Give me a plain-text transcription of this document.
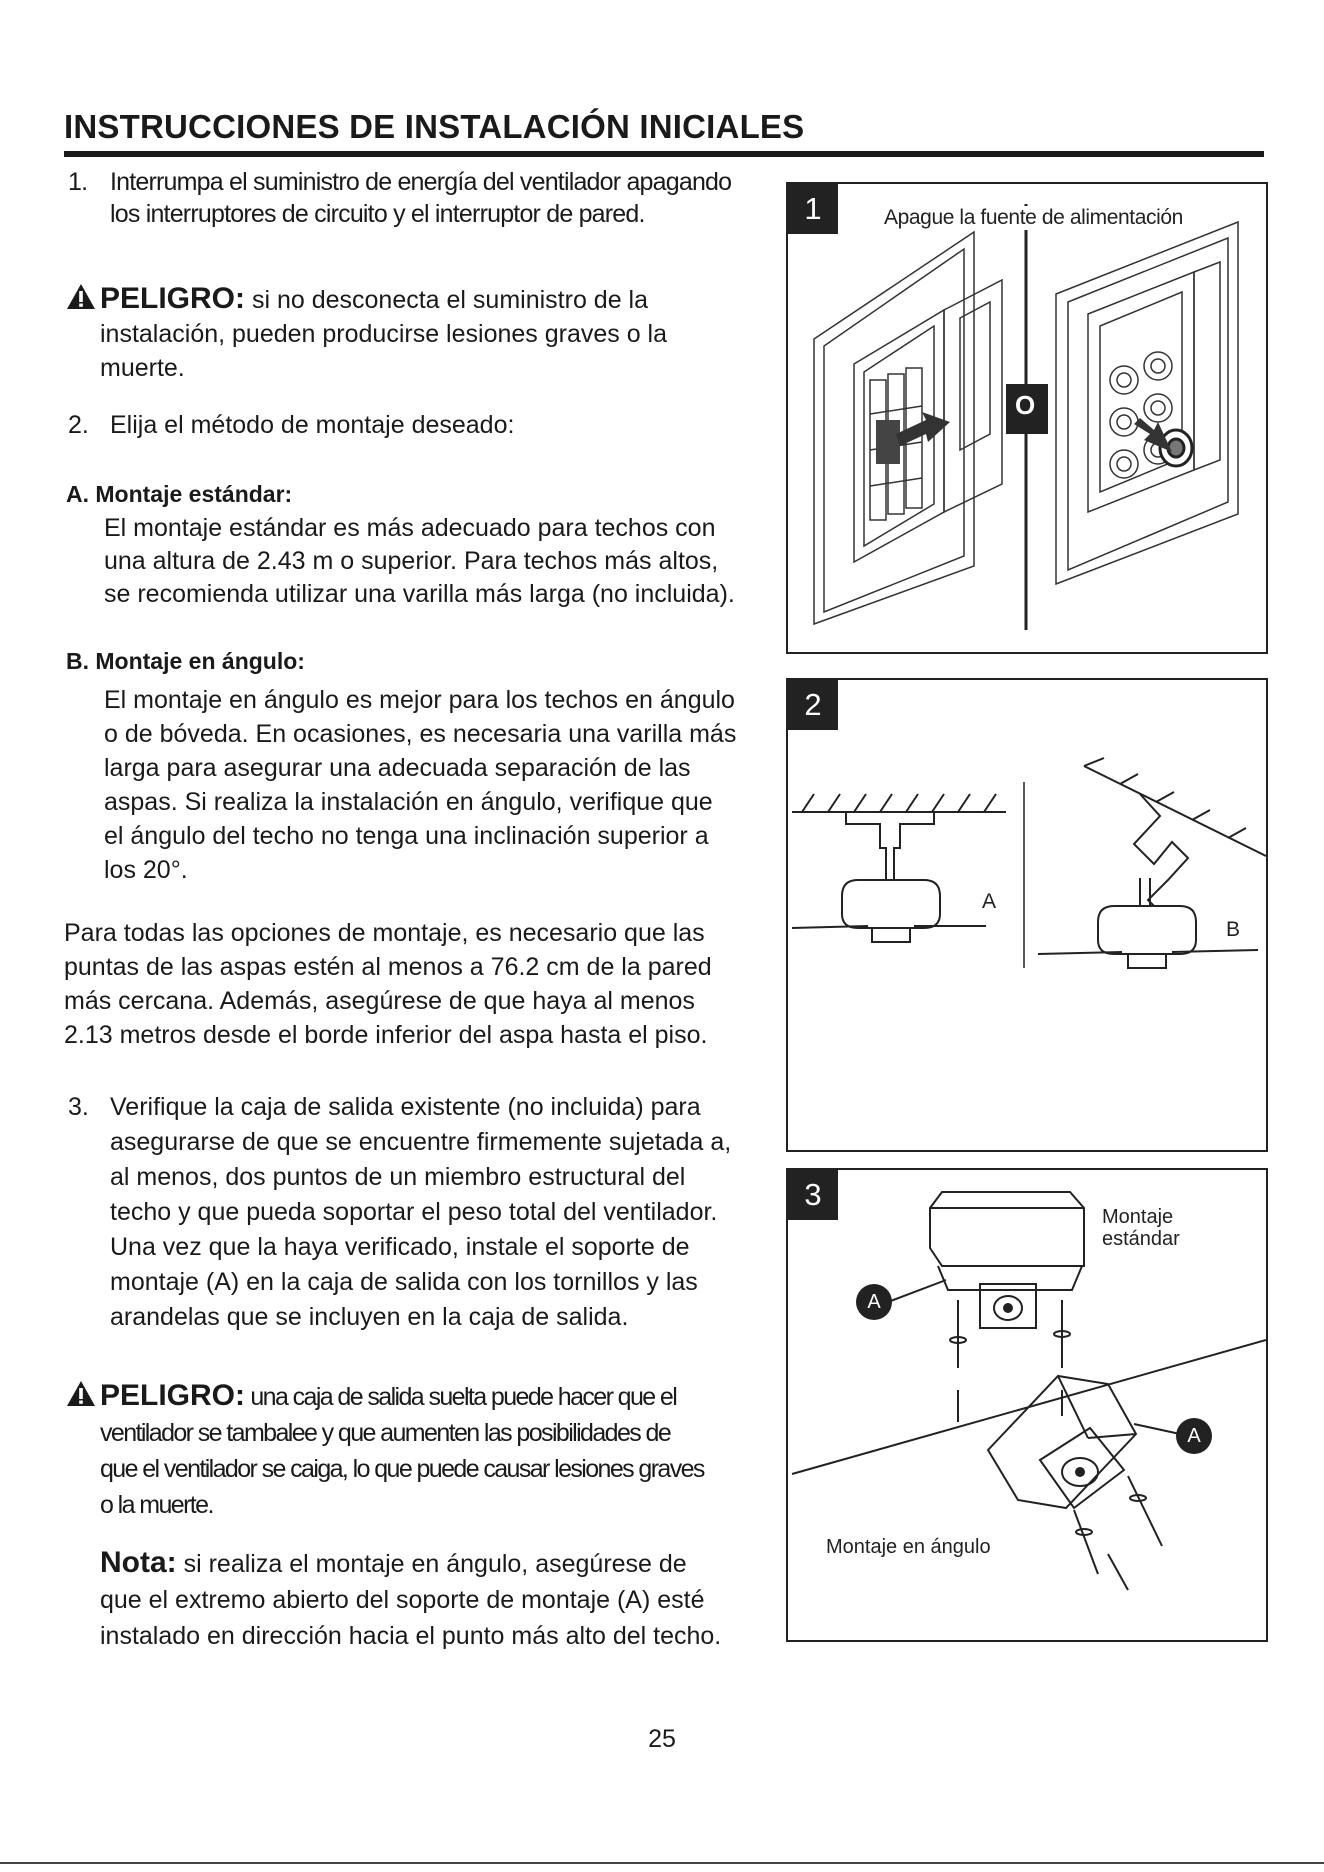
INSTRUCCIONES DE INSTALACIÓN INICIALES
1. Interrumpa el suministro de energía del ventilador apagando
los interruptores de circuito y el interruptor de pared.
PELIGRO: si no desconecta el suministro de la
instalación, pueden producirse lesiones graves o la
muerte.
2. Elija el método de montaje deseado:
A. Montaje estándar:
El montaje estándar es más adecuado para techos con
una altura de 2.43 m o superior. Para techos más altos,
se recomienda utilizar una varilla más larga (no incluida).
B. Montaje en ángulo:
El montaje en ángulo es mejor para los techos en ángulo
o de bóveda. En ocasiones, es necesaria una varilla más
larga para asegurar una adecuada separación de las
aspas. Si realiza la instalación en ángulo, verifique que
el ángulo del techo no tenga una inclinación superior a
los 20°.
Para todas las opciones de montaje, es necesario que las
puntas de las aspas estén al menos a 76.2 cm de la pared
más cercana. Además, asegúrese de que haya al menos
2.13 metros desde el borde inferior del aspa hasta el piso.
3. Verifique la caja de salida existente (no incluida) para
asegurarse de que se encuentre firmemente sujetada a,
al menos, dos puntos de un miembro estructural del
techo y que pueda soportar el peso total del ventilador.
Una vez que la haya verificado, instale el soporte de
montaje (A) en la caja de salida con los tornillos y las
arandelas que se incluyen en la caja de salida.
PELIGRO: una caja de salida suelta puede hacer que el
ventilador se tambalee y que aumenten las posibilidades de
que el ventilador se caiga, lo que puede causar lesiones graves
o la muerte.
Nota: si realiza el montaje en ángulo, asegúrese de
que el extremo abierto del soporte de montaje (A) esté
instalado en dirección hacia el punto más alto del techo.
1	Apague la fuente de alimentación
O
2
A
B
3
Montaje
estándar
Montaje en ángulo
A
A
25
